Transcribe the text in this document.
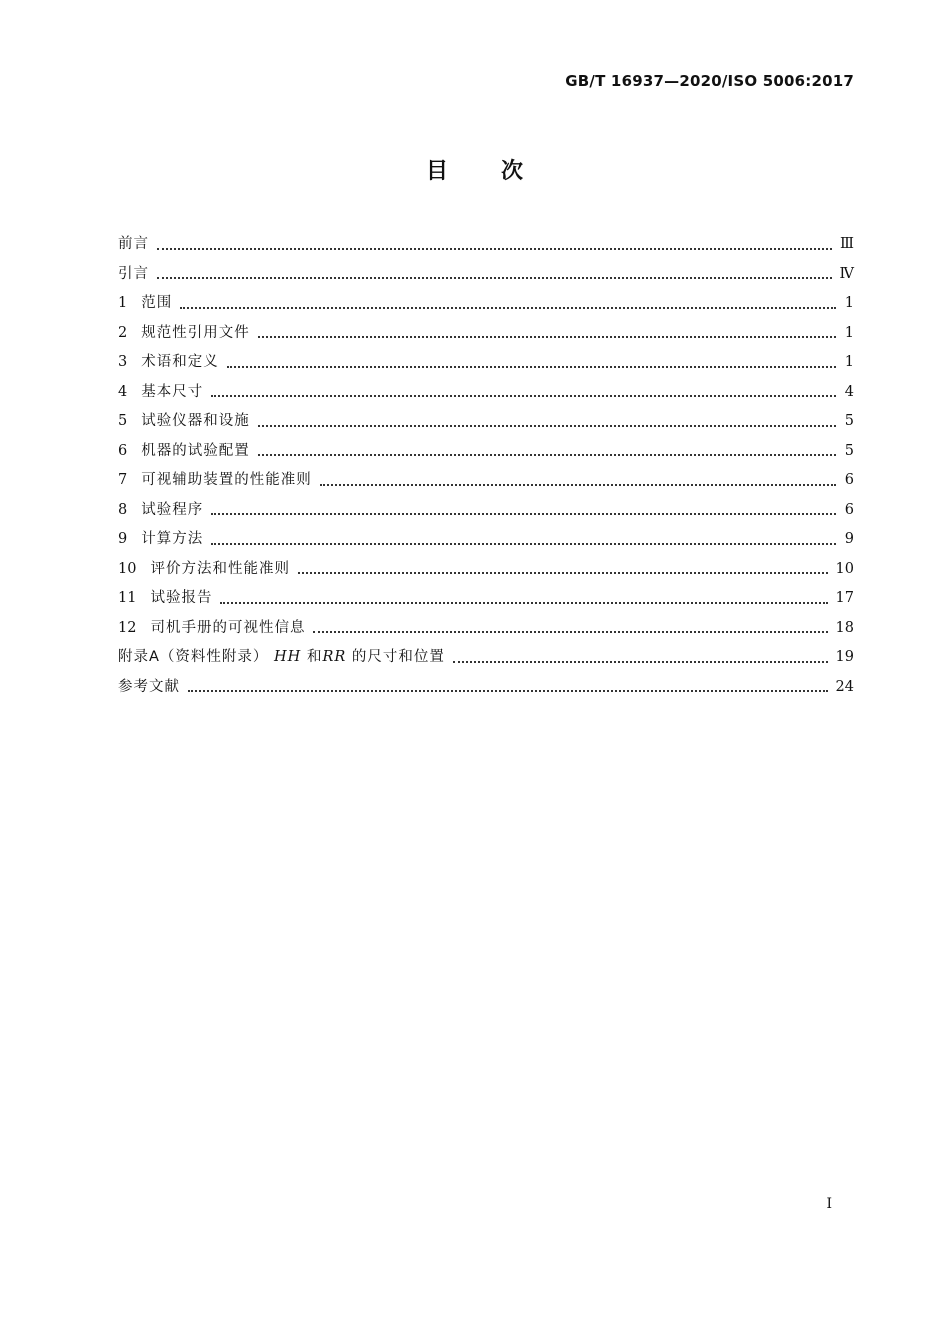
GB/T 16937—2020/ISO 5006:2017
目 次
前言	Ⅲ
引言	Ⅳ
1 范围	1
2 规范性引用文件	1
3 术语和定义	1
4 基本尺寸	4
5 试验仪器和设施	5
6 机器的试验配置	5
7 可视辅助装置的性能准则	6
8 试验程序	6
9 计算方法	9
10 评价方法和性能准则	10
11 试验报告	17
12 司机手册的可视性信息	18
附录A（资料性附录） HH 和RR 的尺寸和位置	19
参考文献	24
I
